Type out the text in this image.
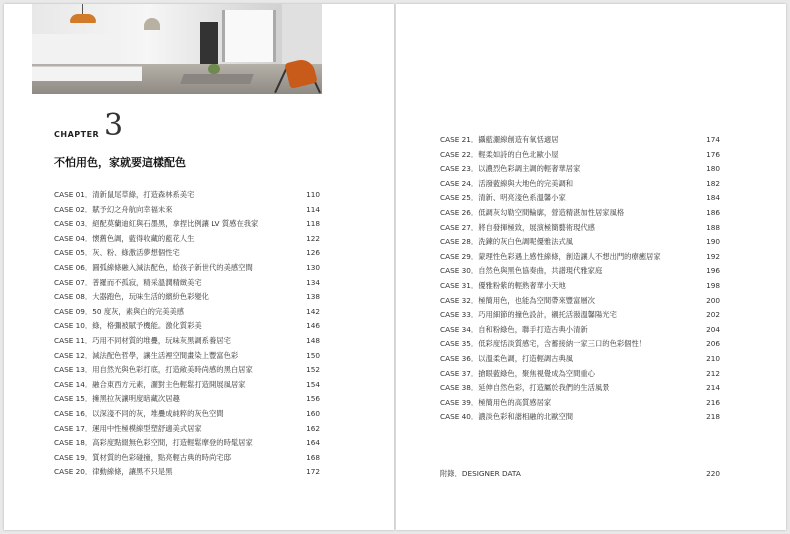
CHAPTER 3
不怕用色，家就要這樣配色
CASE 01．清新鼠尾草綠，打造森林系美宅	110
CASE 02．賦予幻之舟航向幸福未來	114
CASE 03．絕配莫蘭迪紅與石墨黑，拿捏比例讓 LV 質感在我家	118
CASE 04．懷舊色調，藍得收藏的藍花人生	122
CASE 05．灰、粉、綠激活夢想個性宅	126
CASE 06．圓弧線條融入減法配色，給孩子新世代的美感空間	130
CASE 07．普羅而不孤寂，精采溫潤精緻美宅	134
CASE 08．大器跑色，玩味生活的繽紛色彩變化	138
CASE 09．50 度灰，素與白的完美美感	142
CASE 10．綠，格彌被賦予機能。激化質彩美	146
CASE 11．巧用不同材質的堆疊，玩味灰黑調系養居宅	148
CASE 12．減法配色哲學，讓生活裡空間畫染上豐富色彩	150
CASE 13．用自然光與色彩打底，打造敞美時尚感的黑白居家	152
CASE 14．融合東西方元素，灑對主色輕鬆打造開展風居家	154
CASE 15．擁黑拉灰讓明度暗藏次居趣	156
CASE 16．以深淺不同的灰，堆疊成純粹的灰色空間	160
CASE 17．運用中性極模線型塑舒適美式居家	162
CASE 18．高彩度點綴無色彩空間，打造輕鬆摩登的時髦居家	164
CASE 19．質材質的色彩碰撞，點亮輕古典的時尚宅邸	168
CASE 20．律動線條，讓黑不只是黑	172
CASE 21．攝藍灑線創造有氧恬適居	174
CASE 22．輕柔如詩的白色北歐小屋	176
CASE 23．以濃烈色彩調主調的輕奢華居家	180
CASE 24．活潑藍線與大地色的完美調和	182
CASE 25．清新、明亮淺色系溫馨小家	184
CASE 26．低調灰勾勒空間輪廓，營造精湛加性居家風格	186
CASE 27．將自發揮極致，展演極簡藝術現代感	188
CASE 28．洗鍊的灰白色調呢優雅法式風	190
CASE 29．蒙理性色彩遇上感性線條，創造讓人不想出門的療癒居家	192
CASE 30．自然色與黑色協奏曲，共譜現代雅家庭	196
CASE 31．優雅粉紫的輕熟奢華小天地	198
CASE 32．極簡用色，也能為空間帶來豐富層次	200
CASE 33．巧用細節的撞色設計，襯托活潑溫馨陽光宅	202
CASE 34．自和粉綠色，聯手打造古典小清新	204
CASE 35．低彩度恬淡質感宅，含蓄接納一家三口的色彩個性！	206
CASE 36．以溫柔色調，打造輕調古典風	210
CASE 37．搶眼藍綠色，聚焦視覺成為空間重心	212
CASE 38．延伸自然色彩，打造屬於我們的生活風景	214
CASE 39．極簡用色的高質感居家	216
CASE 40．濃淡色彩和諧相融的北歐空間	218
附錄．DESIGNER DATA	220
